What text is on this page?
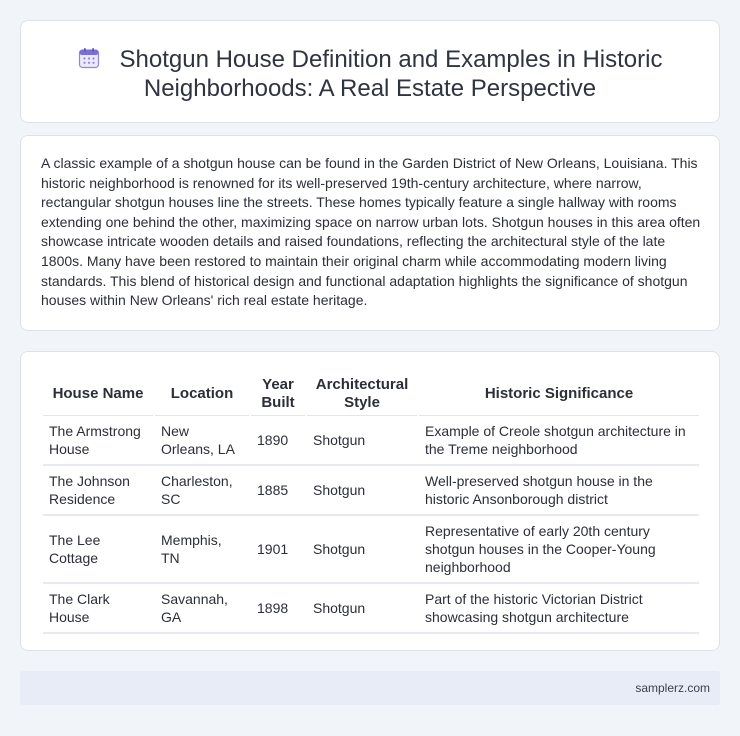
Shotgun House Definition and Examples in Historic Neighborhoods: A Real Estate Perspective

A classic example of a shotgun house can be found in the Garden District of New Orleans, Louisiana. This historic neighborhood is renowned for its well-preserved 19th-century architecture, where narrow, rectangular shotgun houses line the streets. These homes typically feature a single hallway with rooms extending one behind the other, maximizing space on narrow urban lots. Shotgun houses in this area often showcase intricate wooden details and raised foundations, reflecting the architectural style of the late 1800s. Many have been restored to maintain their original charm while accommodating modern living standards. This blend of historical design and functional adaptation highlights the significance of shotgun houses within New Orleans' rich real estate heritage.

House Name	Location	Year Built	Architectural Style	Historic Significance
The Armstrong House	New Orleans, LA	1890	Shotgun	Example of Creole shotgun architecture in the Treme neighborhood
The Johnson Residence	Charleston, SC	1885	Shotgun	Well-preserved shotgun house in the historic Ansonborough district
The Lee Cottage	Memphis, TN	1901	Shotgun	Representative of early 20th century shotgun houses in the Cooper-Young neighborhood
The Clark House	Savannah, GA	1898	Shotgun	Part of the historic Victorian District showcasing shotgun architecture
samplerz.com
